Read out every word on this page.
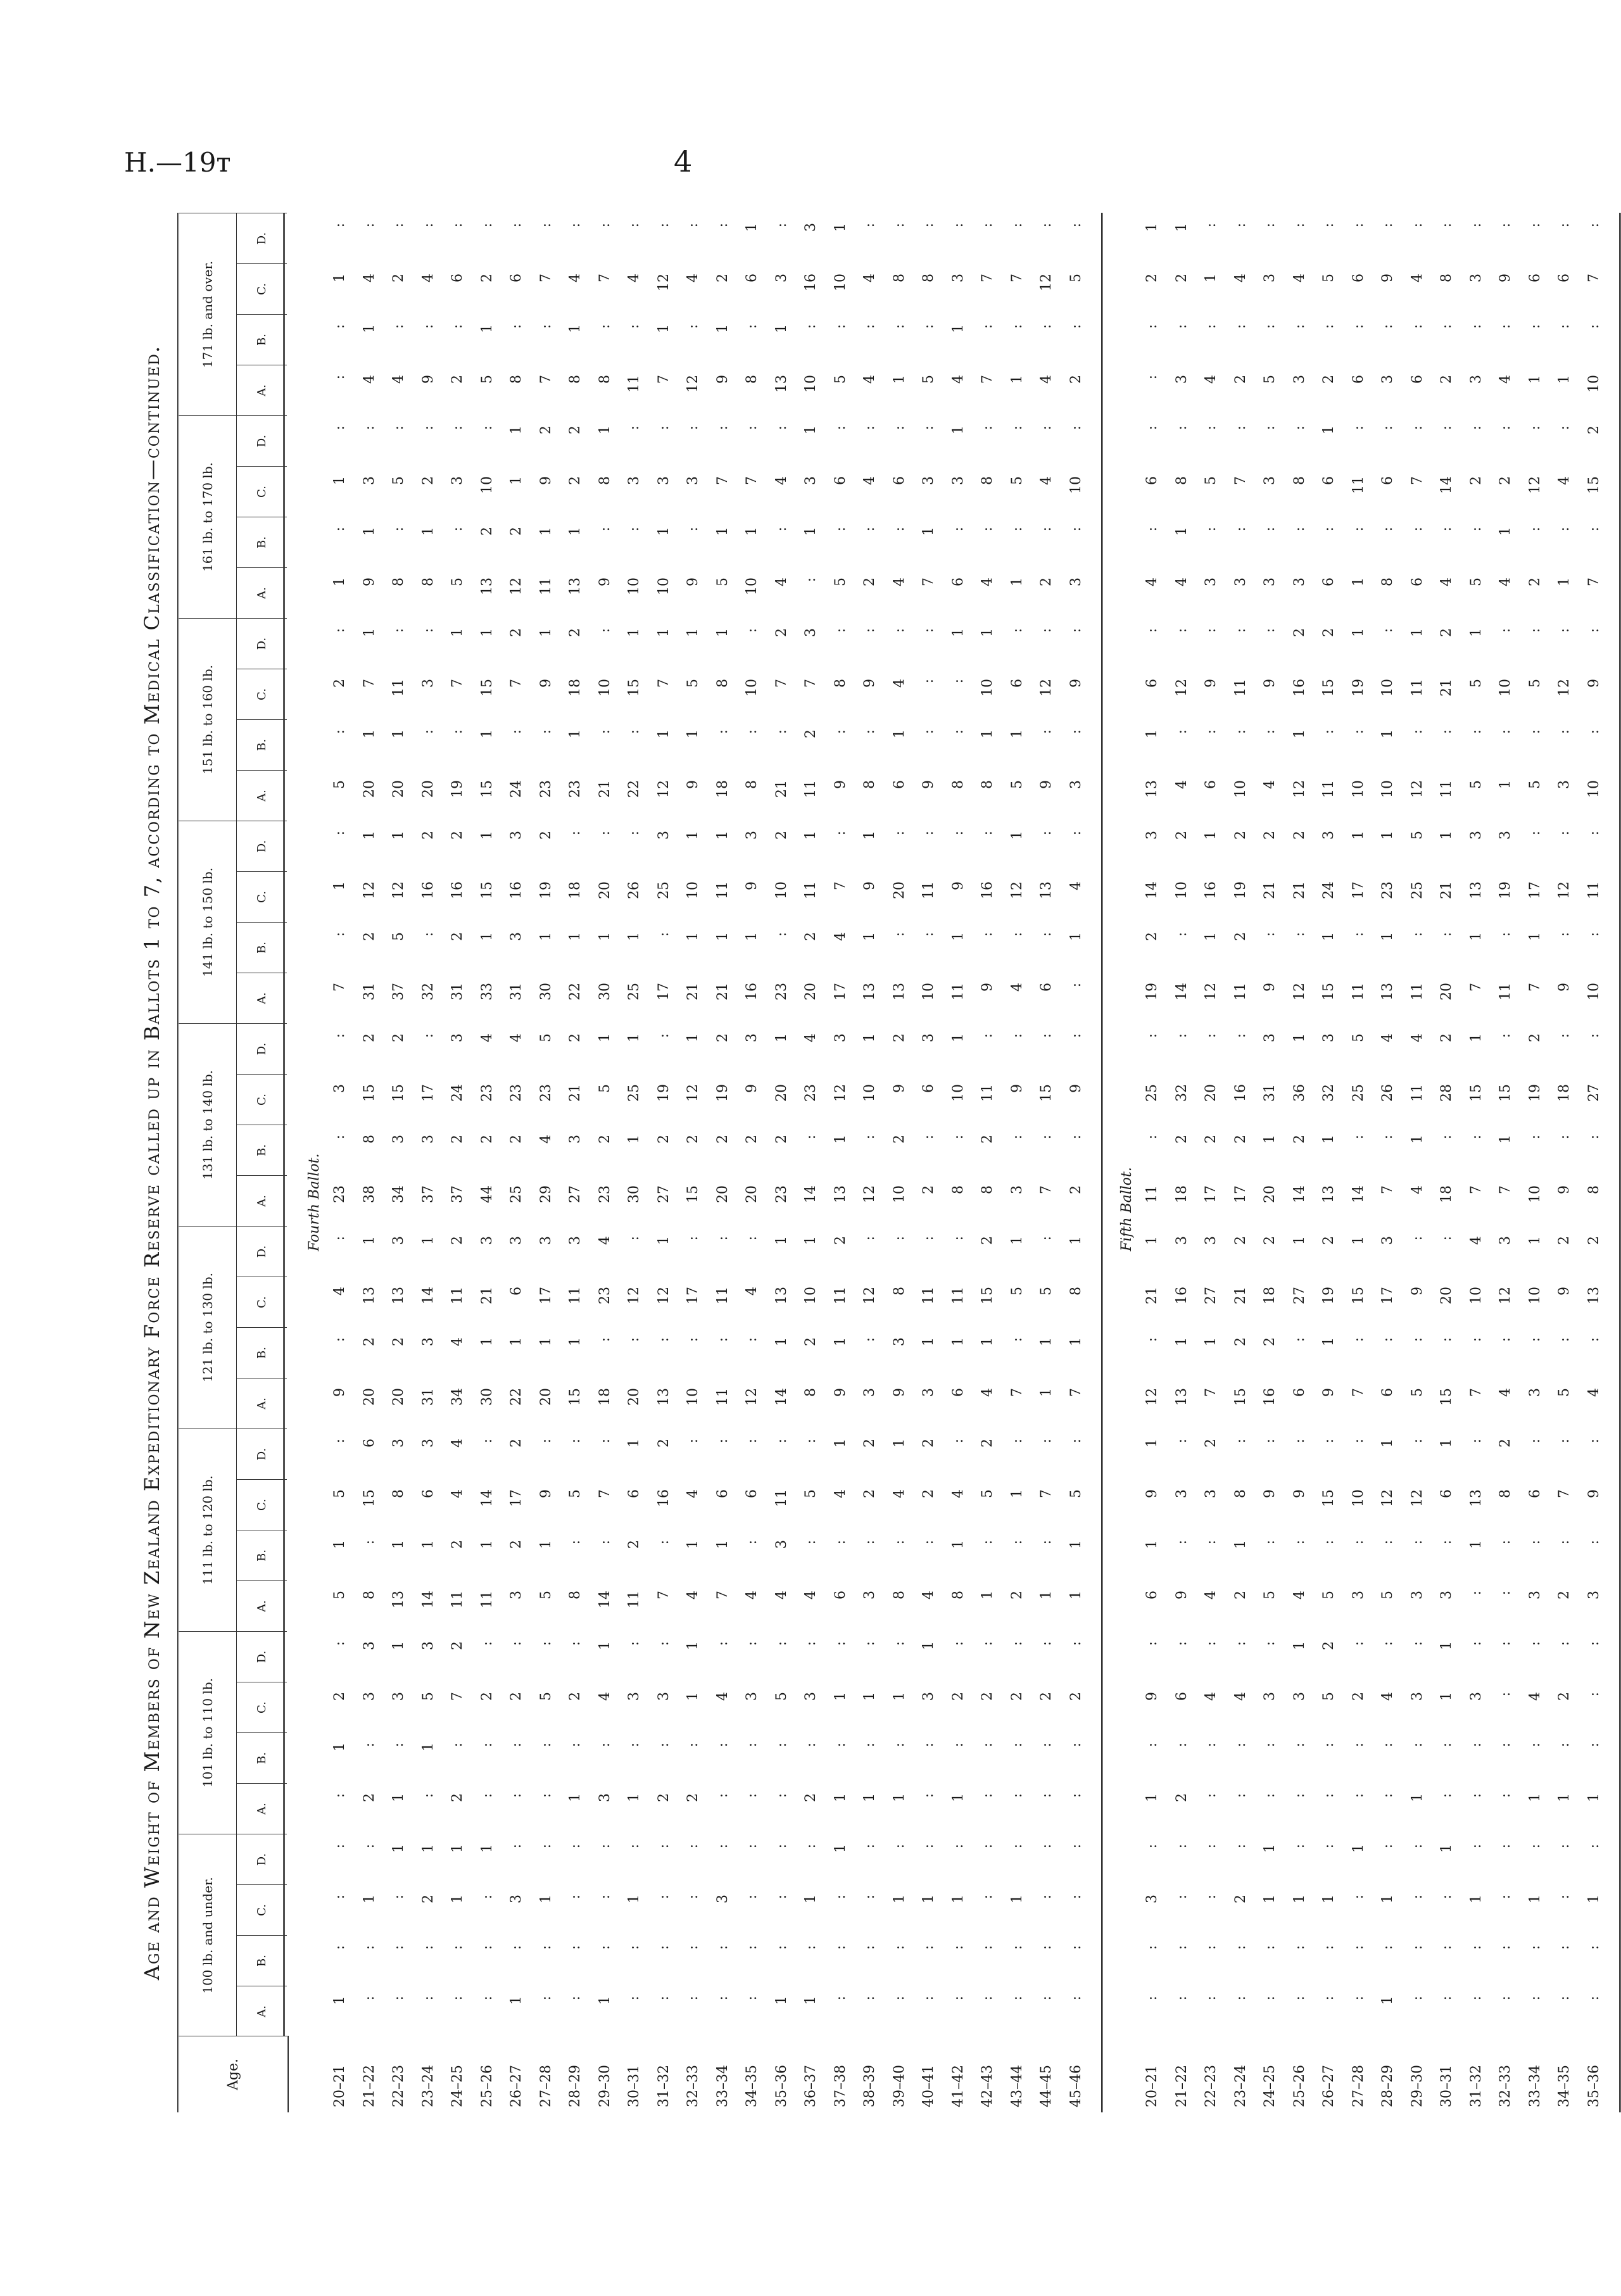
H.—19т	4
Age and Weight of Members of New Zealand Expeditionary Force Reserve called up in Ballots 1 to 7, according to Medical Classification—continued.
Age.
100 lb. and under.
A.
B.
C.
D.
101 lb. to 110 lb.
A.
B.
C.
D.
111 lb. to 120 lb.
A.
B.
C.
D.
121 lb. to 130 lb.
A.
B.
C.
D.
131 lb. to 140 lb.
A.
B.
C.
D.
141 lb. to 150 lb.
A.
B.
C.
D.
151 lb. to 160 lb.
A.
B.
C.
D.
161 lb. to 170 lb.
A.
B.
C.
D.
171 lb. and over.
A.
B.
C.
D.
Fourth Ballot.
20–21
1
:
:
:
:
1
2
:
5
1
5
:
9
:
4
:
23
:
3
:
7
:
1
:
5
:
2
:
1
:
1
:
:
:
1
:
21–22
:
:
1
:
2
:
3
3
8
:
15
6
20
2
13
1
38
8
15
2
31
2
12
1
20
1
7
1
9
1
3
:
4
1
4
:
22–23
:
:
:
1
1
:
3
1
13
1
8
3
20
2
13
3
34
3
15
2
37
5
12
1
20
1
11
:
8
:
5
:
4
:
2
:
23–24
:
:
2
1
:
1
5
3
14
1
6
3
31
3
14
1
37
3
17
:
32
:
16
2
20
:
3
:
8
1
2
:
9
:
4
:
24–25
:
:
1
1
2
:
7
2
11
2
4
4
34
4
11
2
37
2
24
3
31
2
16
2
19
:
7
1
5
:
3
:
2
:
6
:
25–26
:
:
:
1
:
:
2
:
11
1
14
:
30
1
21
3
44
2
23
4
33
1
15
1
15
1
15
1
13
2
10
:
5
1
2
:
26–27
1
:
3
:
:
:
2
:
3
2
17
2
22
1
6
3
25
2
23
4
31
3
16
3
24
:
7
2
12
2
1
1
8
:
6
:
27–28
:
:
1
:
:
:
5
:
5
1
9
:
20
1
17
3
29
4
23
5
30
1
19
2
23
:
9
1
11
1
9
2
7
:
7
:
28–29
:
:
:
:
1
:
2
:
8
:
5
:
15
1
11
3
27
3
21
2
22
1
18
:
23
1
18
2
13
1
2
2
8
1
4
:
29–30
1
:
:
:
3
:
4
1
14
:
7
:
18
:
23
4
23
2
5
1
30
1
20
:
21
:
10
:
9
:
8
1
8
:
7
:
30–31
:
:
1
:
1
:
3
:
11
2
6
1
20
:
12
:
30
1
25
1
25
1
26
:
22
:
15
1
10
:
3
:
11
:
4
:
31–32
:
:
:
:
2
:
3
:
7
:
16
2
13
:
12
1
27
2
19
:
17
:
25
3
12
1
7
1
10
1
3
:
7
1
12
:
32–33
:
:
:
:
2
:
1
1
4
1
4
:
10
:
17
:
15
2
12
1
21
1
10
1
9
1
5
1
9
:
3
:
12
:
4
:
33–34
:
:
3
:
:
:
4
:
7
1
6
:
11
:
11
:
20
2
19
2
21
1
11
1
18
:
8
1
5
1
7
:
9
1
2
:
34–35
:
:
:
:
:
:
3
:
4
:
6
:
12
:
4
:
20
2
9
3
16
1
9
3
8
:
10
:
10
1
7
:
8
:
6
1
35–36
1
:
:
:
:
:
5
:
4
3
11
:
14
1
13
1
23
2
20
1
23
:
10
2
21
:
7
2
4
:
4
:
13
1
3
:
36–37
1
:
1
:
2
:
3
:
4
:
5
:
8
2
10
1
14
:
23
4
20
2
11
1
11
2
7
3
:
1
3
1
10
:
16
3
37–38
:
:
:
1
1
:
1
:
6
:
4
1
9
1
11
2
13
1
12
3
17
4
7
:
9
:
8
:
5
:
6
:
5
:
10
1
38–39
:
:
:
:
1
:
1
:
3
:
2
2
3
:
12
:
12
:
10
1
13
1
9
1
8
:
9
:
2
:
4
:
4
:
4
:
39–40
:
:
1
:
1
:
1
:
8
:
4
1
9
3
8
:
10
2
9
2
13
:
20
:
6
1
4
:
4
:
6
:
1
:
8
:
40–41
:
:
1
:
:
:
3
1
4
:
2
2
3
1
11
:
2
:
6
3
10
:
11
:
9
:
:
:
7
1
3
:
5
:
8
:
41–42
:
:
1
:
1
:
2
:
8
1
4
:
6
1
11
:
8
:
10
1
11
1
9
:
8
:
:
1
6
:
3
1
4
1
3
:
42–43
:
:
:
:
:
:
2
:
1
:
5
2
4
1
15
2
8
2
11
:
9
:
16
:
8
1
10
1
4
:
8
:
7
:
7
:
43–44
:
:
1
:
:
:
2
:
2
:
1
:
7
:
5
1
3
:
9
:
4
:
12
1
5
1
6
:
1
:
5
:
1
:
7
:
44–45
:
:
:
:
:
:
2
:
1
:
7
:
1
1
5
:
7
:
15
:
6
:
13
:
9
:
12
:
2
:
4
:
4
:
12
:
45–46
:
:
:
:
:
:
2
:
1
1
5
:
7
1
8
1
2
:
9
:
:
1
4
:
3
:
9
:
3
:
10
:
2
:
5
:
Fifth Ballot.
20–21
:
:
3
:
1
:
9
:
6
1
9
1
12
:
21
1
11
:
25
:
19
2
14
3
13
1
6
:
4
:
6
:
:
:
2
1
21–22
:
:
:
:
2
:
6
:
9
:
3
:
13
1
16
3
18
2
32
:
14
:
10
2
4
:
12
:
4
1
8
:
3
:
2
1
22–23
:
:
:
:
:
:
4
:
4
:
3
2
7
1
27
3
17
2
20
:
12
1
16
1
6
:
9
:
3
:
5
:
4
:
1
:
23–24
:
:
2
:
:
:
4
:
2
1
8
:
15
2
21
2
17
2
16
:
11
2
19
2
10
:
11
:
3
:
7
:
2
:
4
:
24–25
:
:
1
1
:
:
3
:
5
:
9
:
16
2
18
2
20
1
31
3
9
:
21
2
4
:
9
:
3
:
3
:
5
:
3
:
25–26
:
:
1
:
:
:
3
1
4
:
9
:
6
:
27
1
14
2
36
1
12
:
21
2
12
1
16
2
3
:
8
:
3
:
4
:
26–27
:
:
1
:
:
:
5
2
5
:
15
:
9
1
19
2
13
1
32
3
15
1
24
3
11
:
15
2
6
:
6
1
2
:
5
:
27–28
:
:
:
1
:
:
2
:
3
:
10
:
7
:
15
1
14
:
25
5
11
:
17
1
10
:
19
1
1
:
11
:
6
:
6
:
28–29
1
:
1
:
:
:
4
:
5
:
12
1
6
:
17
3
7
:
26
4
13
1
23
1
10
1
10
:
8
:
6
:
3
:
9
:
29–30
:
:
:
:
1
:
3
:
3
:
12
:
5
:
9
:
4
1
11
4
11
:
25
5
12
:
11
1
6
:
7
:
6
:
4
:
30–31
:
:
:
1
:
:
1
1
3
:
6
1
15
:
20
:
18
:
28
2
20
:
21
1
11
:
21
2
4
:
14
:
2
:
8
:
31–32
:
:
1
:
:
:
3
:
:
1
13
:
7
:
10
4
7
:
15
1
7
1
13
3
5
:
5
1
5
:
2
:
3
:
3
:
32–33
:
:
:
:
:
:
:
:
:
:
8
2
4
:
12
3
7
1
15
:
11
:
19
3
1
:
10
:
4
1
2
:
4
:
9
:
33–34
:
:
1
:
1
:
4
:
3
:
6
:
3
:
10
1
10
:
19
2
7
1
17
:
5
:
5
:
2
:
12
:
1
:
6
:
34–35
:
:
:
:
1
:
2
:
2
:
7
:
5
:
9
2
9
:
18
:
9
:
12
:
3
:
12
:
1
:
4
:
1
:
6
:
35–36
:
:
1
:
1
:
:
:
3
:
9
:
4
:
13
2
8
:
27
:
10
:
11
:
10
:
9
:
7
:
15
2
10
:
7
:
